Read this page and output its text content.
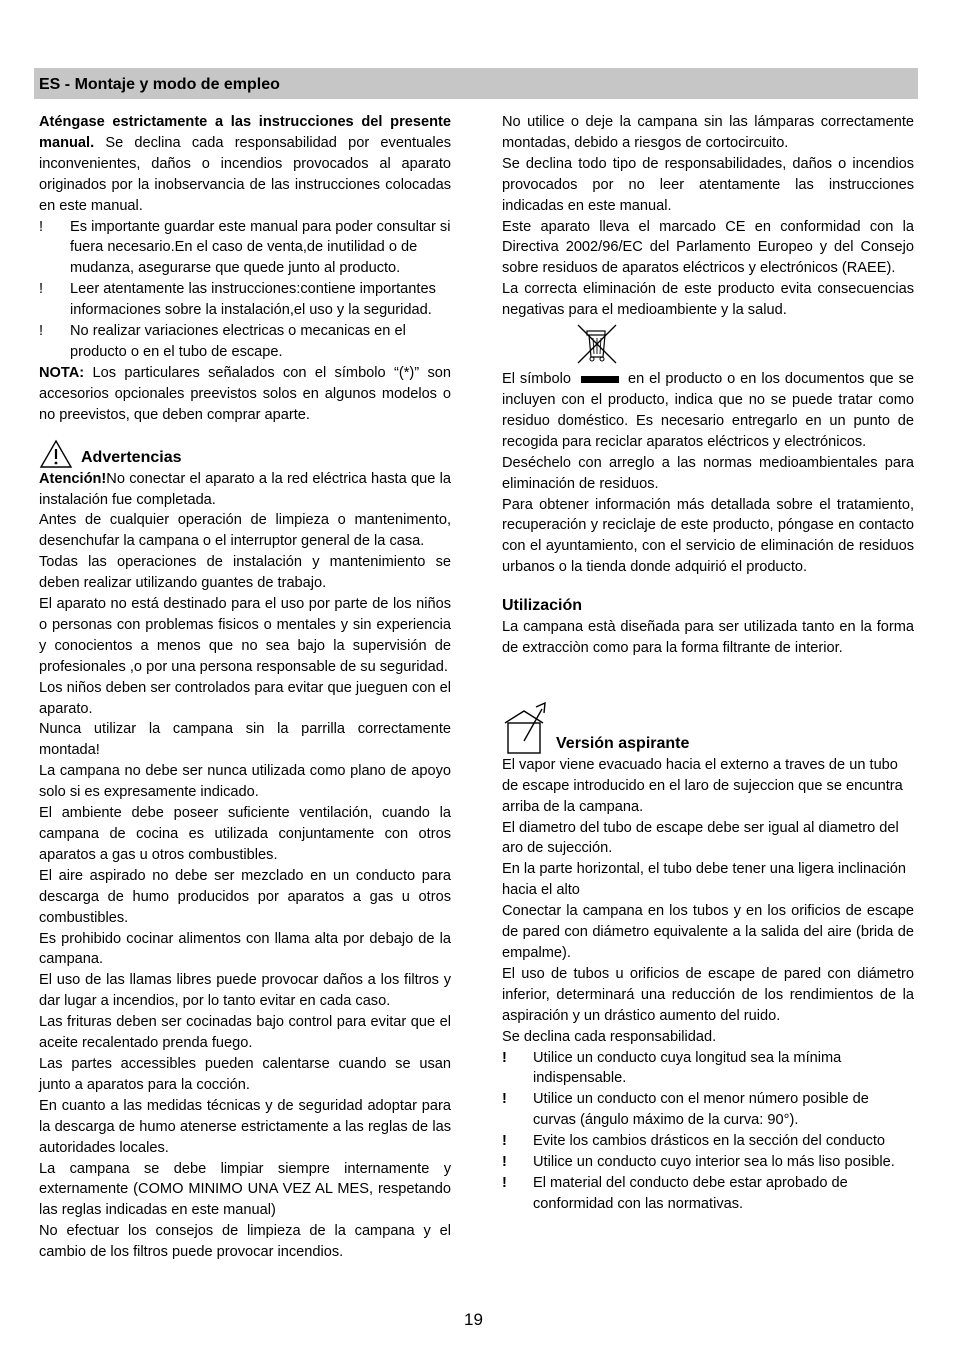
ES - Montaje y modo de empleo

Aténgase estrictamente a las instrucciones del presente manual. Se declina cada responsabilidad por eventuales inconvenientes, daños o incendios provocados al aparato originados por la inobservancia de las instrucciones colocadas en este manual.

!	Es importante guardar este manual para poder consultar si fuera necesario.En el caso de venta,de inutilidad o de mudanza, asegurarse que quede junto al producto.
!	Leer atentamente las instrucciones:contiene importantes informaciones sobre la instalación,el uso y la seguridad.
!	No realizar variaciones electricas o mecanicas en el producto o en el tubo de escape.

NOTA: Los particulares señalados con el símbolo “(*)” son accesorios opcionales preevistos solos en algunos modelos o no preevistos, que deben comprar aparte.

Advertencias

Atención!No conectar el aparato a la red eléctrica hasta que la instalación fue completada.

Antes de cualquier operación de limpieza o mantenimento, desenchufar la campana o el interruptor general de la casa.

Todas las operaciones de instalación y mantenimiento se deben realizar utilizando guantes de trabajo.

El aparato no está destinado para el uso por parte de los niños o personas con problemas fisicos o mentales y sin experiencia y conocientos a menos que no sea bajo la supervisión de profesionales ,o por una persona responsable de su seguridad.

Los niños deben ser controlados para evitar que jueguen con el aparato.

Nunca utilizar la campana sin la parrilla correctamente montada!

La campana no debe ser nunca utilizada como plano de apoyo solo si es expresamente indicado.

El ambiente debe poseer suficiente ventilación, cuando la campana de cocina es utilizada conjuntamente con otros aparatos a gas u otros combustibles.

El aire aspirado no debe ser mezclado en un conducto para descarga de humo producidos por aparatos a gas u otros combustibles.

Es prohibido cocinar alimentos con llama alta por debajo de la campana.

El uso de las llamas libres puede provocar daños a los filtros y dar lugar a incendios, por lo tanto evitar en cada caso.

Las frituras deben ser cocinadas bajo control para evitar que el aceite recalentado prenda fuego.

Las partes accessibles pueden calentarse cuando se usan junto a aparatos para la cocción.

En cuanto a las medidas técnicas y de seguridad adoptar para la descarga de humo atenerse estrictamente a las reglas de las autoridades locales.

La campana se debe limpiar siempre internamente y externamente (COMO MINIMO UNA VEZ AL MES, respetando las reglas indicadas en este manual)

No efectuar los consejos de limpieza de la campana y el cambio de los filtros puede provocar incendios.

No utilice o deje la campana sin las lámparas correctamente montadas, debido a riesgos de cortocircuito.

Se declina todo tipo de responsabilidades, daños o incendios provocados por no leer atentamente las instrucciones indicadas en este manual.

Este aparato lleva el marcado CE en conformidad con la Directiva 2002/96/EC del Parlamento Europeo y del Consejo sobre residuos de aparatos eléctricos y electrónicos (RAEE).

La correcta eliminación de este producto evita consecuencias negativas para el medioambiente y la salud.

El símbolo	en el producto o en los documentos que se incluyen con el producto, indica que no se puede tratar como residuo doméstico. Es necesario entregarlo en un punto de recogida para reciclar aparatos eléctricos y electrónicos.

Deséchelo con arreglo a las normas medioambientales para eliminación de residuos.

Para obtener información más detallada sobre el tratamiento, recuperación y reciclaje de este producto, póngase en contacto con el ayuntamiento, con el servicio de eliminación de residuos urbanos o la tienda donde adquirió el producto.

Utilización

La campana està diseñada para ser utilizada tanto en la forma de extracciòn como para la forma filtrante de interior.

Versión aspirante

El vapor viene evacuado hacia el externo a traves de un tubo de escape introducido en el laro de sujeccion que se encuntra arriba de la campana.

El diametro del tubo de escape debe ser igual al diametro del aro de sujección.

En la parte horizontal, el tubo debe tener una ligera inclinación hacia el alto

Conectar la campana en los tubos y en los orificios de escape de pared con diámetro equivalente a la salida del aire (brida de empalme).

El uso de tubos u orificios de escape de pared con diámetro inferior, determinará una reducción de los rendimientos de la aspiración y un drástico aumento del ruido.

Se declina cada responsabilidad.

!	Utilice un conducto cuya longitud sea la mínima indispensable.
!	Utilice un conducto con el menor número posible de curvas (ángulo máximo de la curva: 90°).
!	Evite los cambios drásticos en la sección del conducto
!	Utilice un conducto cuyo interior sea lo más liso posible.
!	El material del conducto debe estar aprobado de conformidad con las normativas.
19
